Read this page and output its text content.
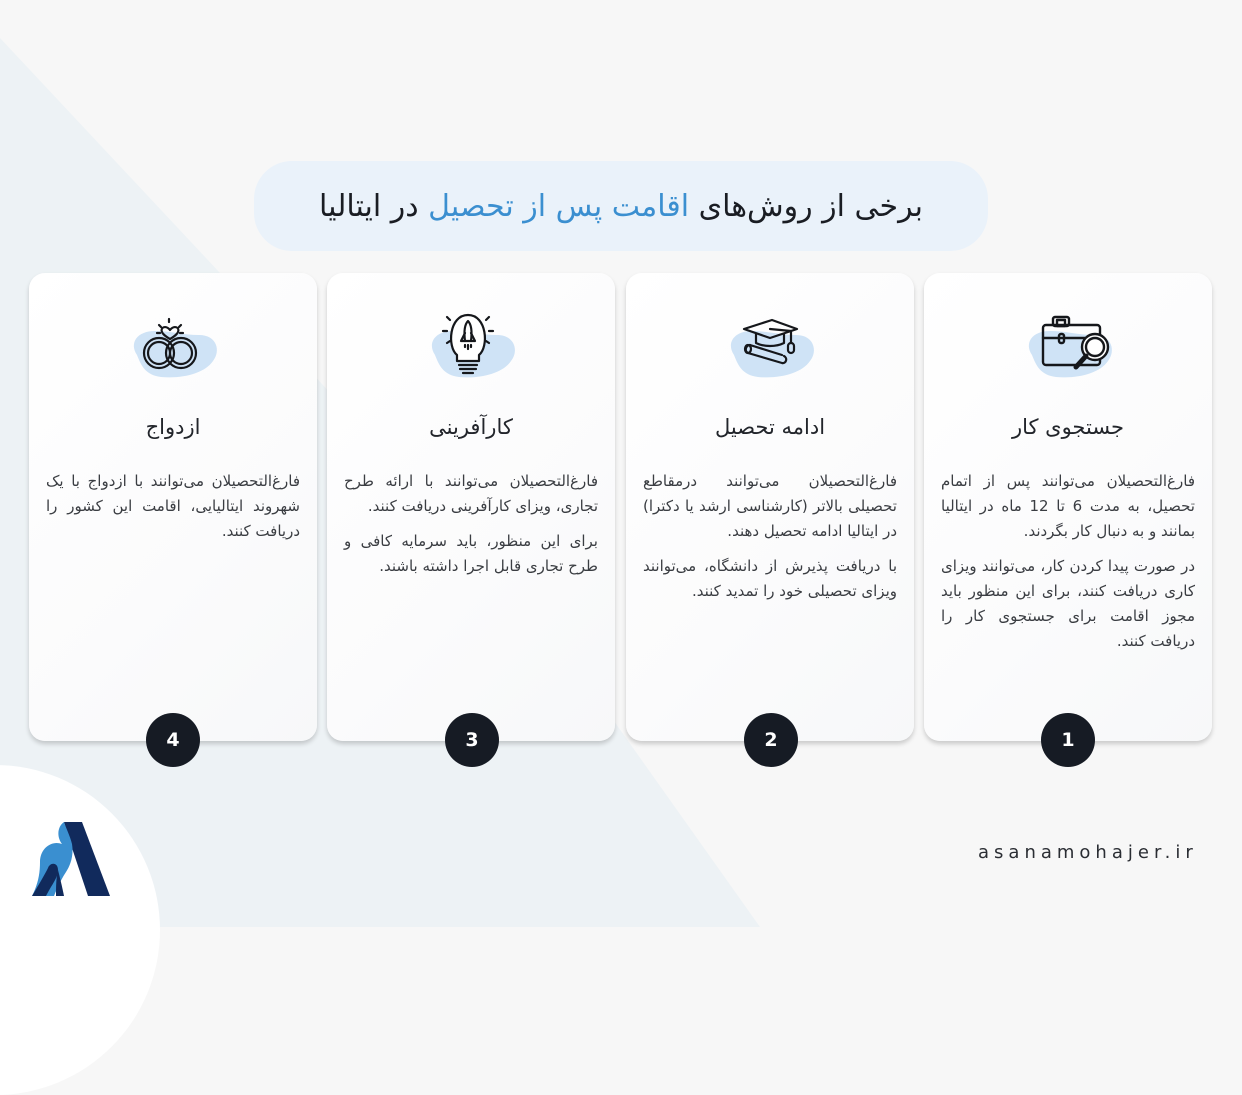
برخی از روش‌های اقامت پس از تحصیل در ایتالیا
جستجوی کار

فارغ‌التحصیلان می‌توانند پس از اتمام تحصیل، به مدت 6 تا 12 ماه در ایتالیا بمانند و به دنبال کار بگردند.

در صورت پیدا کردن کار، می‌توانند ویزای کاری دریافت کنند، برای این منظور باید مجوز اقامت برای جستجوی کار را دریافت کنند.

1
ادامه تحصیل

فارغ‌التحصیلان می‌توانند درمقاطع تحصیلی بالاتر (کارشناسی ارشد یا دکترا) در ایتالیا ادامه تحصیل دهند.

با دریافت پذیرش از دانشگاه، می‌توانند ویزای تحصیلی خود را تمدید کنند.

2
کارآفرینی

فارغ‌التحصیلان می‌توانند با ارائه طرح تجاری، ویزای کارآفرینی دریافت کنند.

برای این منظور، باید سرمایه کافی و طرح تجاری قابل اجرا داشته باشند.

3
ازدواج

فارغ‌التحصیلان می‌توانند با ازدواج با یک شهروند ایتالیایی، اقامت این کشور را دریافت کنند.

4
asanamohajer.ir
